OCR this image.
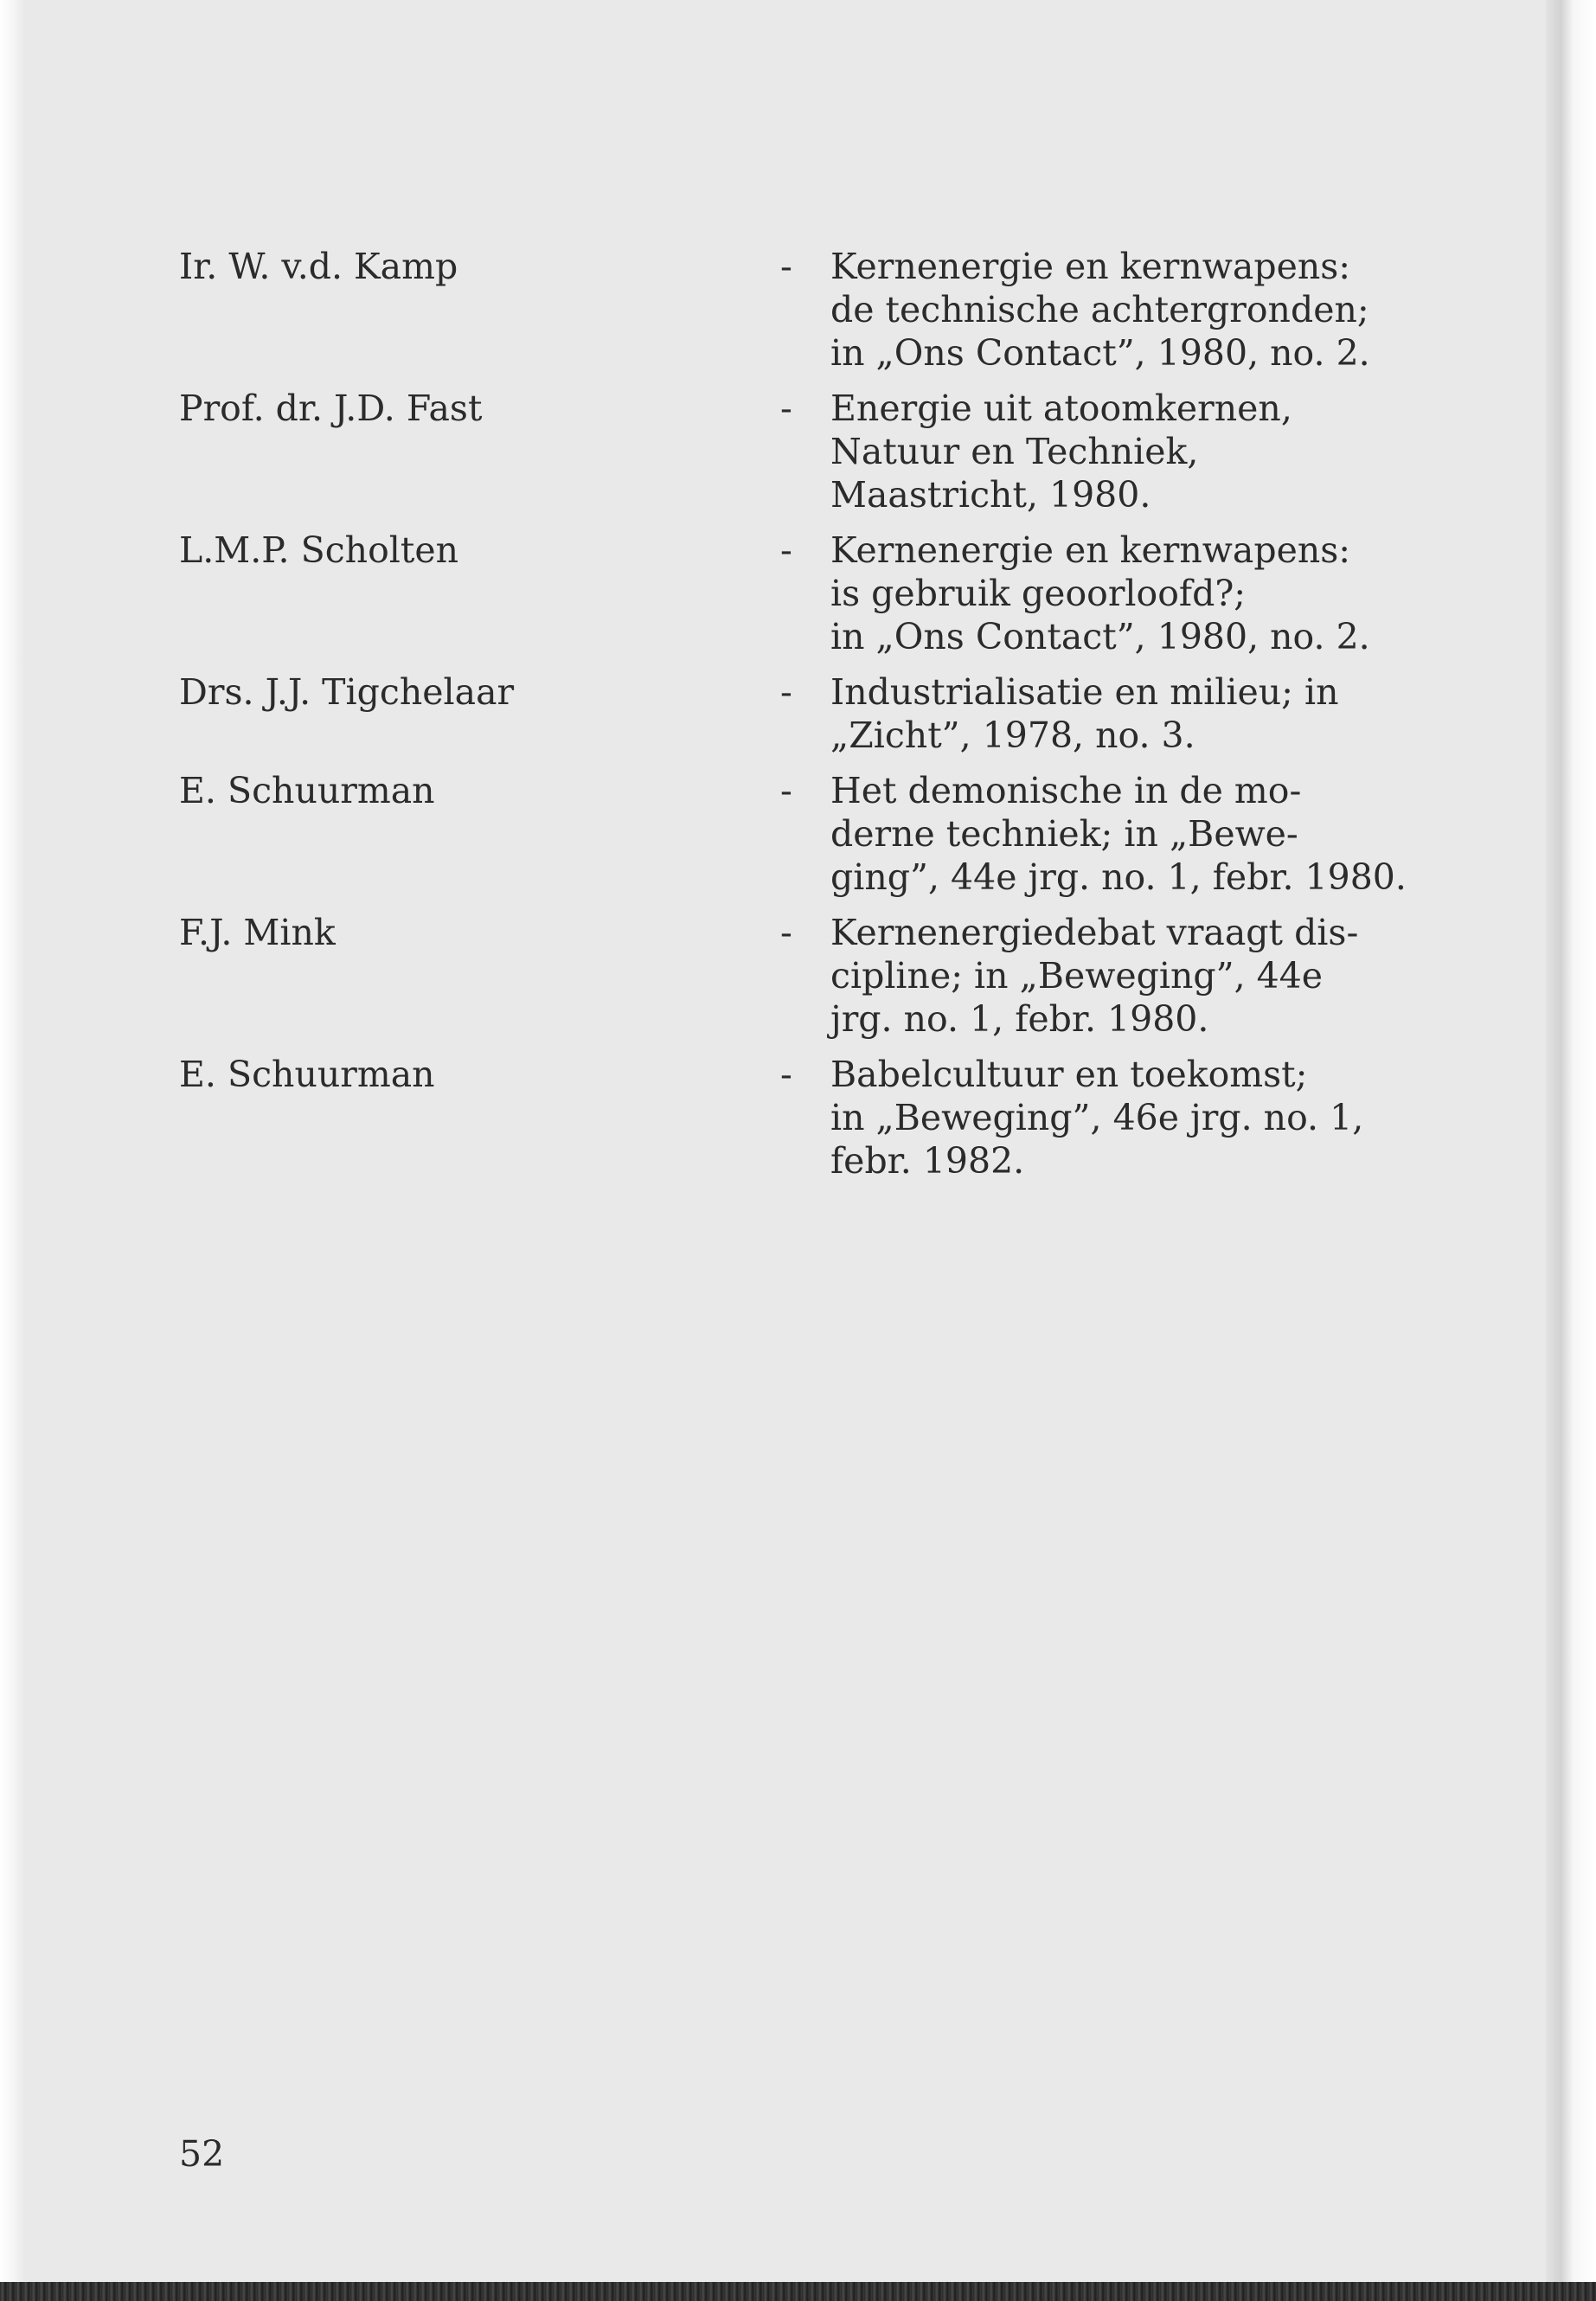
Ir. W. v.d. Kamp	-	Kernenergie en kernwapens:
de technische achtergronden;
in „Ons Contact”, 1980, no. 2.
Prof. dr. J.D. Fast	-	Energie uit atoomkernen,
Natuur en Techniek,
Maastricht, 1980.
L.M.P. Scholten	-	Kernenergie en kernwapens:
is gebruik geoorloofd?;
in „Ons Contact”, 1980, no. 2.
Drs. J.J. Tigchelaar	-	Industrialisatie en milieu; in
„Zicht”, 1978, no. 3.
E. Schuurman	-	Het demonische in de mo-
derne techniek; in „Bewe-
ging”, 44e jrg. no. 1, febr. 1980.
F.J. Mink	-	Kernenergiedebat vraagt dis-
cipline; in „Beweging”, 44e
jrg. no. 1, febr. 1980.
E. Schuurman	-	Babelcultuur en toekomst;
in „Beweging”, 46e jrg. no. 1,
febr. 1982.
52
